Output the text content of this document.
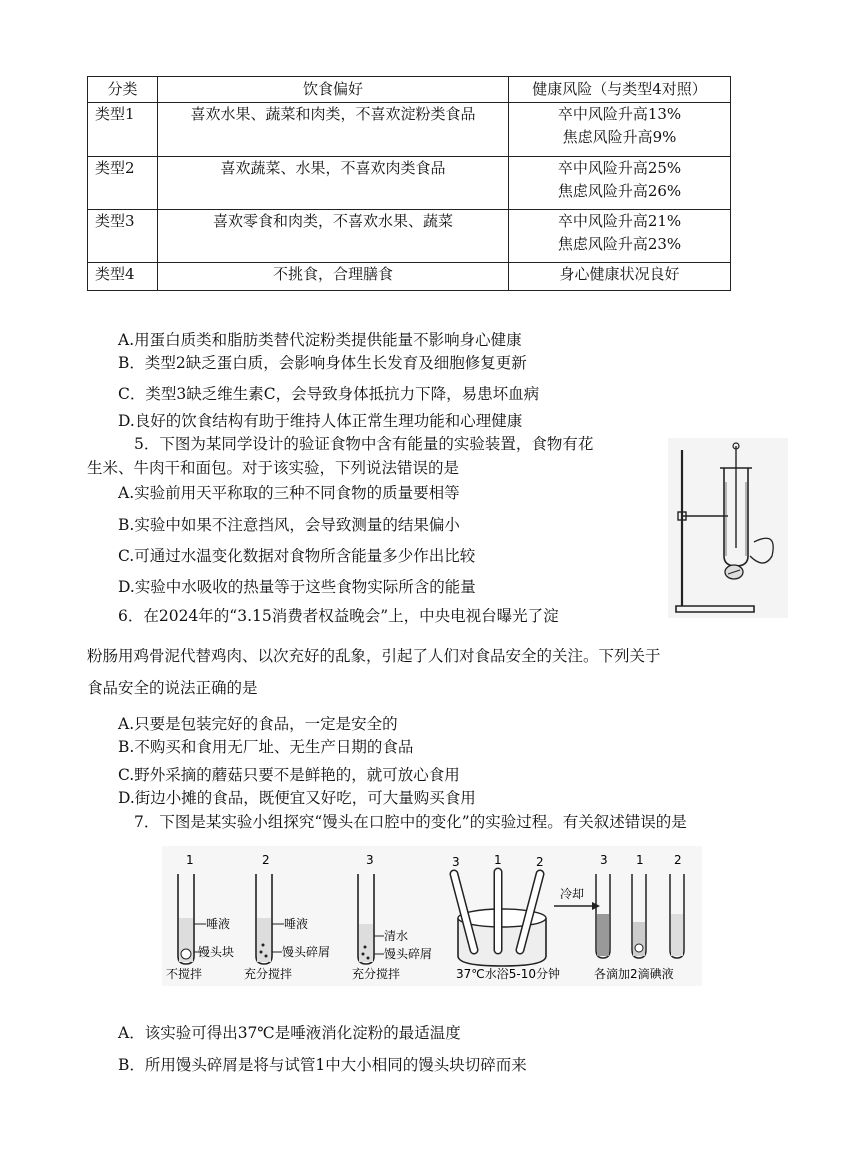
分类	饮食偏好	健康风险（与类型4对照）
类型1	喜欢水果、蔬菜和肉类，不喜欢淀粉类食品	卒中风险升高13%
焦虑风险升高9%

类型2	喜欢蔬菜、水果，不喜欢肉类食品	卒中风险升高25%
焦虑风险升高26%

类型3	喜欢零食和肉类，不喜欢水果、蔬菜	卒中风险升高21%
焦虑风险升高23%

类型4	不挑食，合理膳食	身心健康状况良好
A.用蛋白质类和脂肪类替代淀粉类提供能量不影响身心健康
B．类型2缺乏蛋白质，会影响身体生长发育及细胞修复更新
C．类型3缺乏维生素C，会导致身体抵抗力下降，易患坏血病
D.良好的饮食结构有助于维持人体正常生理功能和心理健康
5．下图为某同学设计的验证食物中含有能量的实验装置，食物有花
生米、牛肉干和面包。对于该实验，下列说法错误的是
A.实验前用天平称取的三种不同食物的质量要相等
B.实验中如果不注意挡风，会导致测量的结果偏小
C.可通过水温变化数据对食物所含能量多少作出比较
D.实验中水吸收的热量等于这些食物实际所含的能量
6．在2024年的“3.15消费者权益晚会”上，中央电视台曝光了淀
粉肠用鸡骨泥代替鸡肉、以次充好的乱象，引起了人们对食品安全的关注。下列关于
食品安全的说法正确的是
A.只要是包装完好的食品，一定是安全的
B.不购买和食用无厂址、无生产日期的食品
C.野外采摘的蘑菇只要不是鲜艳的，就可放心食用
D.街边小摊的食品，既便宜又好吃，可大量购买食用
7．下图是某实验小组探究“馒头在口腔中的变化”的实验过程。有关叙述错误的是
1
唾液
馒头块
不搅拌
2
唾液
馒头碎屑
充分搅拌
3
清水
馒头碎屑
充分搅拌
3	1	2
37℃水浴5-10分钟
冷却
3 1	2
各滴加2滴碘液
A．该实验可得出37℃是唾液消化淀粉的最适温度
B．所用馒头碎屑是将与试管1中大小相同的馒头块切碎而来
